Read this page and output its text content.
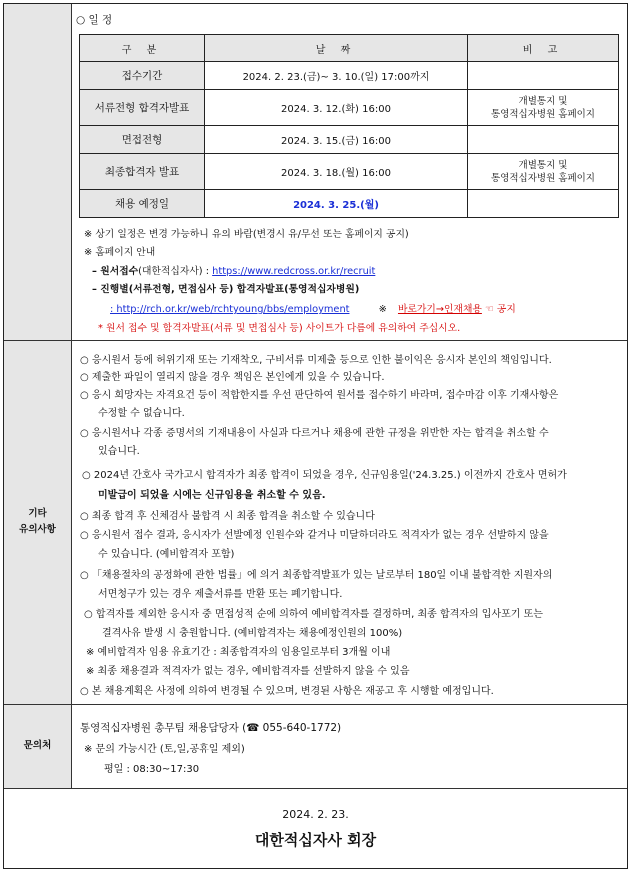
기타
유의사항
문의처
○ 일 정
구 분	날 짜	비 고
접수기간	2024. 2. 23.(금)~ 3. 10.(일) 17:00까지	
서류전형 합격자발표	2024. 3. 12.(화) 16:00	개별통지 및
통영적십자병원 홈페이지
면접전형	2024. 3. 15.(금) 16:00	
최종합격자 발표	2024. 3. 18.(월) 16:00	개별통지 및
통영적십자병원 홈페이지
채용 예정일	2024. 3. 25.(월)	
※ 상기 일정은 변경 가능하니 유의 바람(변경시 유/무선 또는 홈페이지 공지)
※ 홈페이지 안내
– 원서접수(대한적십자사) : https://www.redcross.or.kr/recruit
– 진행별(서류전형, 면접심사 등) 합격자발표(통영적십자병원)
: http://rch.or.kr/web/rchtyoung/bbs/employment	※ 바로가기→인재채용 ☜ 공지
* 원서 접수 및 합격자발표(서류 및 면접심사 등) 사이트가 다름에 유의하여 주십시오.
○ 응시원서 등에 허위기재 또는 기재착오, 구비서류 미제출 등으로 인한 불이익은 응시자 본인의 책임입니다.
○ 제출한 파일이 열리지 않을 경우 책임은 본인에게 있을 수 있습니다.
○ 응시 희망자는 자격요건 등이 적합한지를 우선 판단하여 원서를 접수하기 바라며, 접수마감 이후 기재사항은
수정할 수 없습니다.
○ 응시원서나 각종 증명서의 기재내용이 사실과 다르거나 채용에 관한 규정을 위반한 자는 합격을 취소할 수
있습니다.
○ 2024년 간호사 국가고시 합격자가 최종 합격이 되었을 경우, 신규임용일('24.3.25.) 이전까지 간호사 면허가
미발급이 되었을 시에는 신규임용을 취소할 수 있음.
○ 최종 합격 후 신체검사 불합격 시 최종 합격을 취소할 수 있습니다
○ 응시원서 접수 결과, 응시자가 선발예정 인원수와 같거나 미달하더라도 적격자가 없는 경우 선발하지 않을
수 있습니다. (예비합격자 포함)
○ 「채용절차의 공정화에 관한 법률」에 의거 최종합격발표가 있는 날로부터 180일 이내 불합격한 지원자의
서면청구가 있는 경우 제출서류를 반환 또는 폐기합니다.
○ 합격자를 제외한 응시자 중 면접성적 순에 의하여 예비합격자를 결정하며, 최종 합격자의 입사포기 또는
결격사유 발생 시 충원합니다. (예비합격자는 채용예정인원의 100%)
※ 예비합격자 임용 유효기간 : 최종합격자의 임용일로부터 3개월 이내
※ 최종 채용결과 적격자가 없는 경우, 예비합격자를 선발하지 않을 수 있음
○ 본 채용계획은 사정에 의하여 변경될 수 있으며, 변경된 사항은 재공고 후 시행할 예정입니다.
통영적십자병원 총무팀 채용담당자 (☎ 055-640-1772)
※ 문의 가능시간 (토,일,공휴일 제외)
평일 : 08:30~17:30
2024. 2. 23.
대한적십자사 회장
